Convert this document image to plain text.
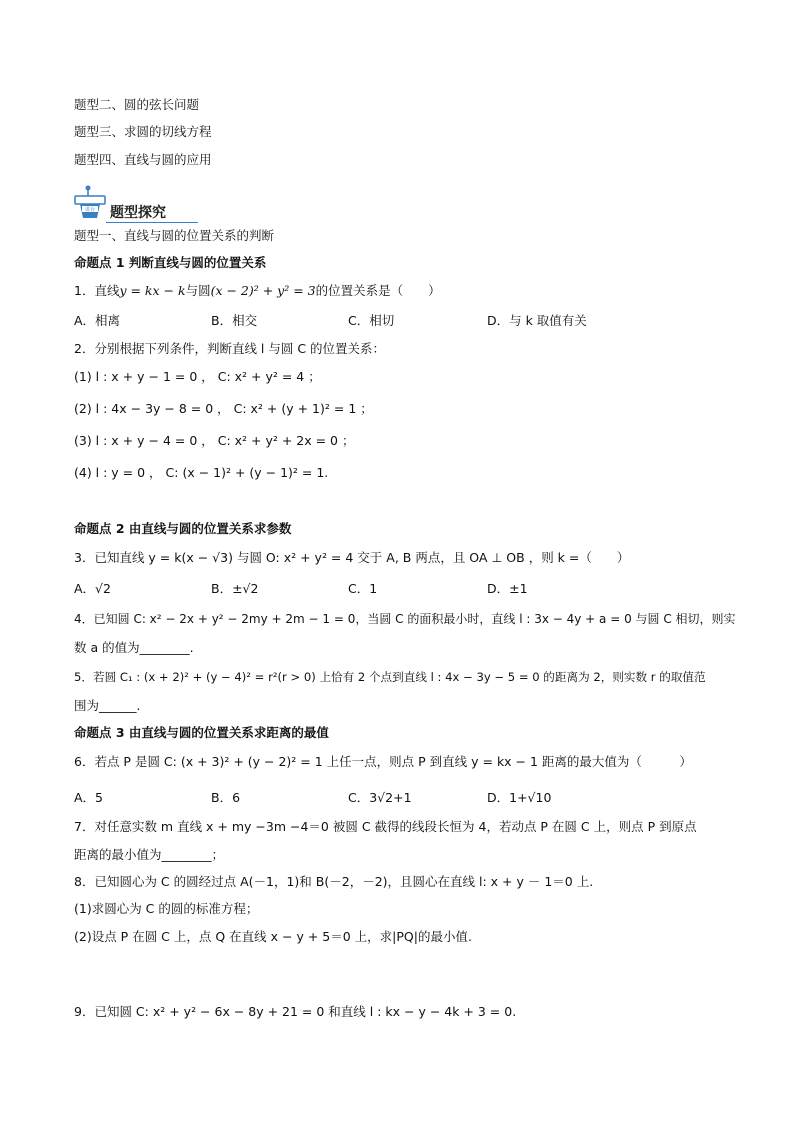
题型二、圆的弦长问题
题型三、求圆的切线方程
题型四、直线与圆的应用
讲台 题型探究
题型一、直线与圆的位置关系的判断
命题点 1 判断直线与圆的位置关系
1．直线y = kx − k与圆(x − 2)² + y² = 3的位置关系是（　　）
A．相离	B．相交	C．相切	D．与 k 取值有关
2．分别根据下列条件，判断直线 l 与圆 C 的位置关系：
(1) l : x + y − 1 = 0 ， C: x² + y² = 4 ；
(2) l : 4x − 3y − 8 = 0 ， C: x² + (y + 1)² = 1 ；
(3) l : x + y − 4 = 0 ， C: x² + y² + 2x = 0 ；
(4) l : y = 0 ， C: (x − 1)² + (y − 1)² = 1.
命题点 2 由直线与圆的位置关系求参数
3．已知直线 y = k(x − √3) 与圆 O: x² + y² = 4 交于 A, B 两点，且 OA ⊥ OB ，则 k =（　　）
A．√2	B．±√2	C．1	D．±1
4．已知圆 C: x² − 2x + y² − 2my + 2m − 1 = 0，当圆 C 的面积最小时，直线 l : 3x − 4y + a = 0 与圆 C 相切，则实
数 a 的值为________.
5．若圆 C₁ : (x + 2)² + (y − 4)² = r²(r > 0) 上恰有 2 个点到直线 l : 4x − 3y − 5 = 0 的距离为 2，则实数 r 的取值范
围为______.
命题点 3 由直线与圆的位置关系求距离的最值
6．若点 P 是圆 C: (x + 3)² + (y − 2)² = 1 上任一点，则点 P 到直线 y = kx − 1 距离的最大值为（　　　）
A．5	B．6	C．3√2+1	D．1+√10
7．对任意实数 m 直线 x + my −3m −4＝0 被圆 C 截得的线段长恒为 4，若动点 P 在圆 C 上，则点 P 到原点
距离的最小值为________；
8．已知圆心为 C 的圆经过点 A(－1，1)和 B(－2，－2)，且圆心在直线 l: x + y － 1＝0 上.
(1)求圆心为 C 的圆的标准方程；
(2)设点 P 在圆 C 上，点 Q 在直线 x − y + 5＝0 上，求|PQ|的最小值.
9．已知圆 C: x² + y² − 6x − 8y + 21 = 0 和直线 l : kx − y − 4k + 3 = 0.
